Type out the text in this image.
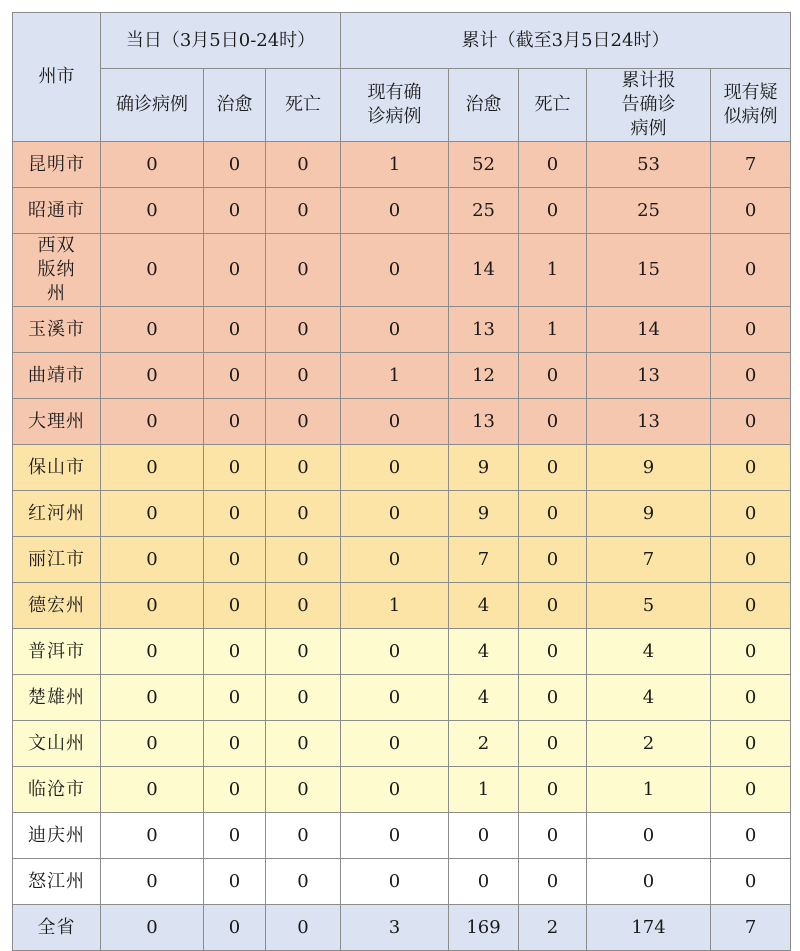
州市	当日（3月5日0-24时）			累计（截至3月5日24时）				
	确诊病例	治愈	死亡	现有确诊病例	治愈	死亡	累计报告确诊病例	现有疑似病例
昆明市	0	0	0	1	52	0	53	7
昭通市	0	0	0	0	25	0	25	0
西双版纳州	0	0	0	0	14	1	15	0
玉溪市	0	0	0	0	13	1	14	0
曲靖市	0	0	0	1	12	0	13	0
大理州	0	0	0	0	13	0	13	0
保山市	0	0	0	0	9	0	9	0
红河州	0	0	0	0	9	0	9	0
丽江市	0	0	0	0	7	0	7	0
德宏州	0	0	0	1	4	0	5	0
普洱市	0	0	0	0	4	0	4	0
楚雄州	0	0	0	0	4	0	4	0
文山州	0	0	0	0	2	0	2	0
临沧市	0	0	0	0	1	0	1	0
迪庆州	0	0	0	0	0	0	0	0
怒江州	0	0	0	0	0	0	0	0
全省	0	0	0	3	169	2	174	7
